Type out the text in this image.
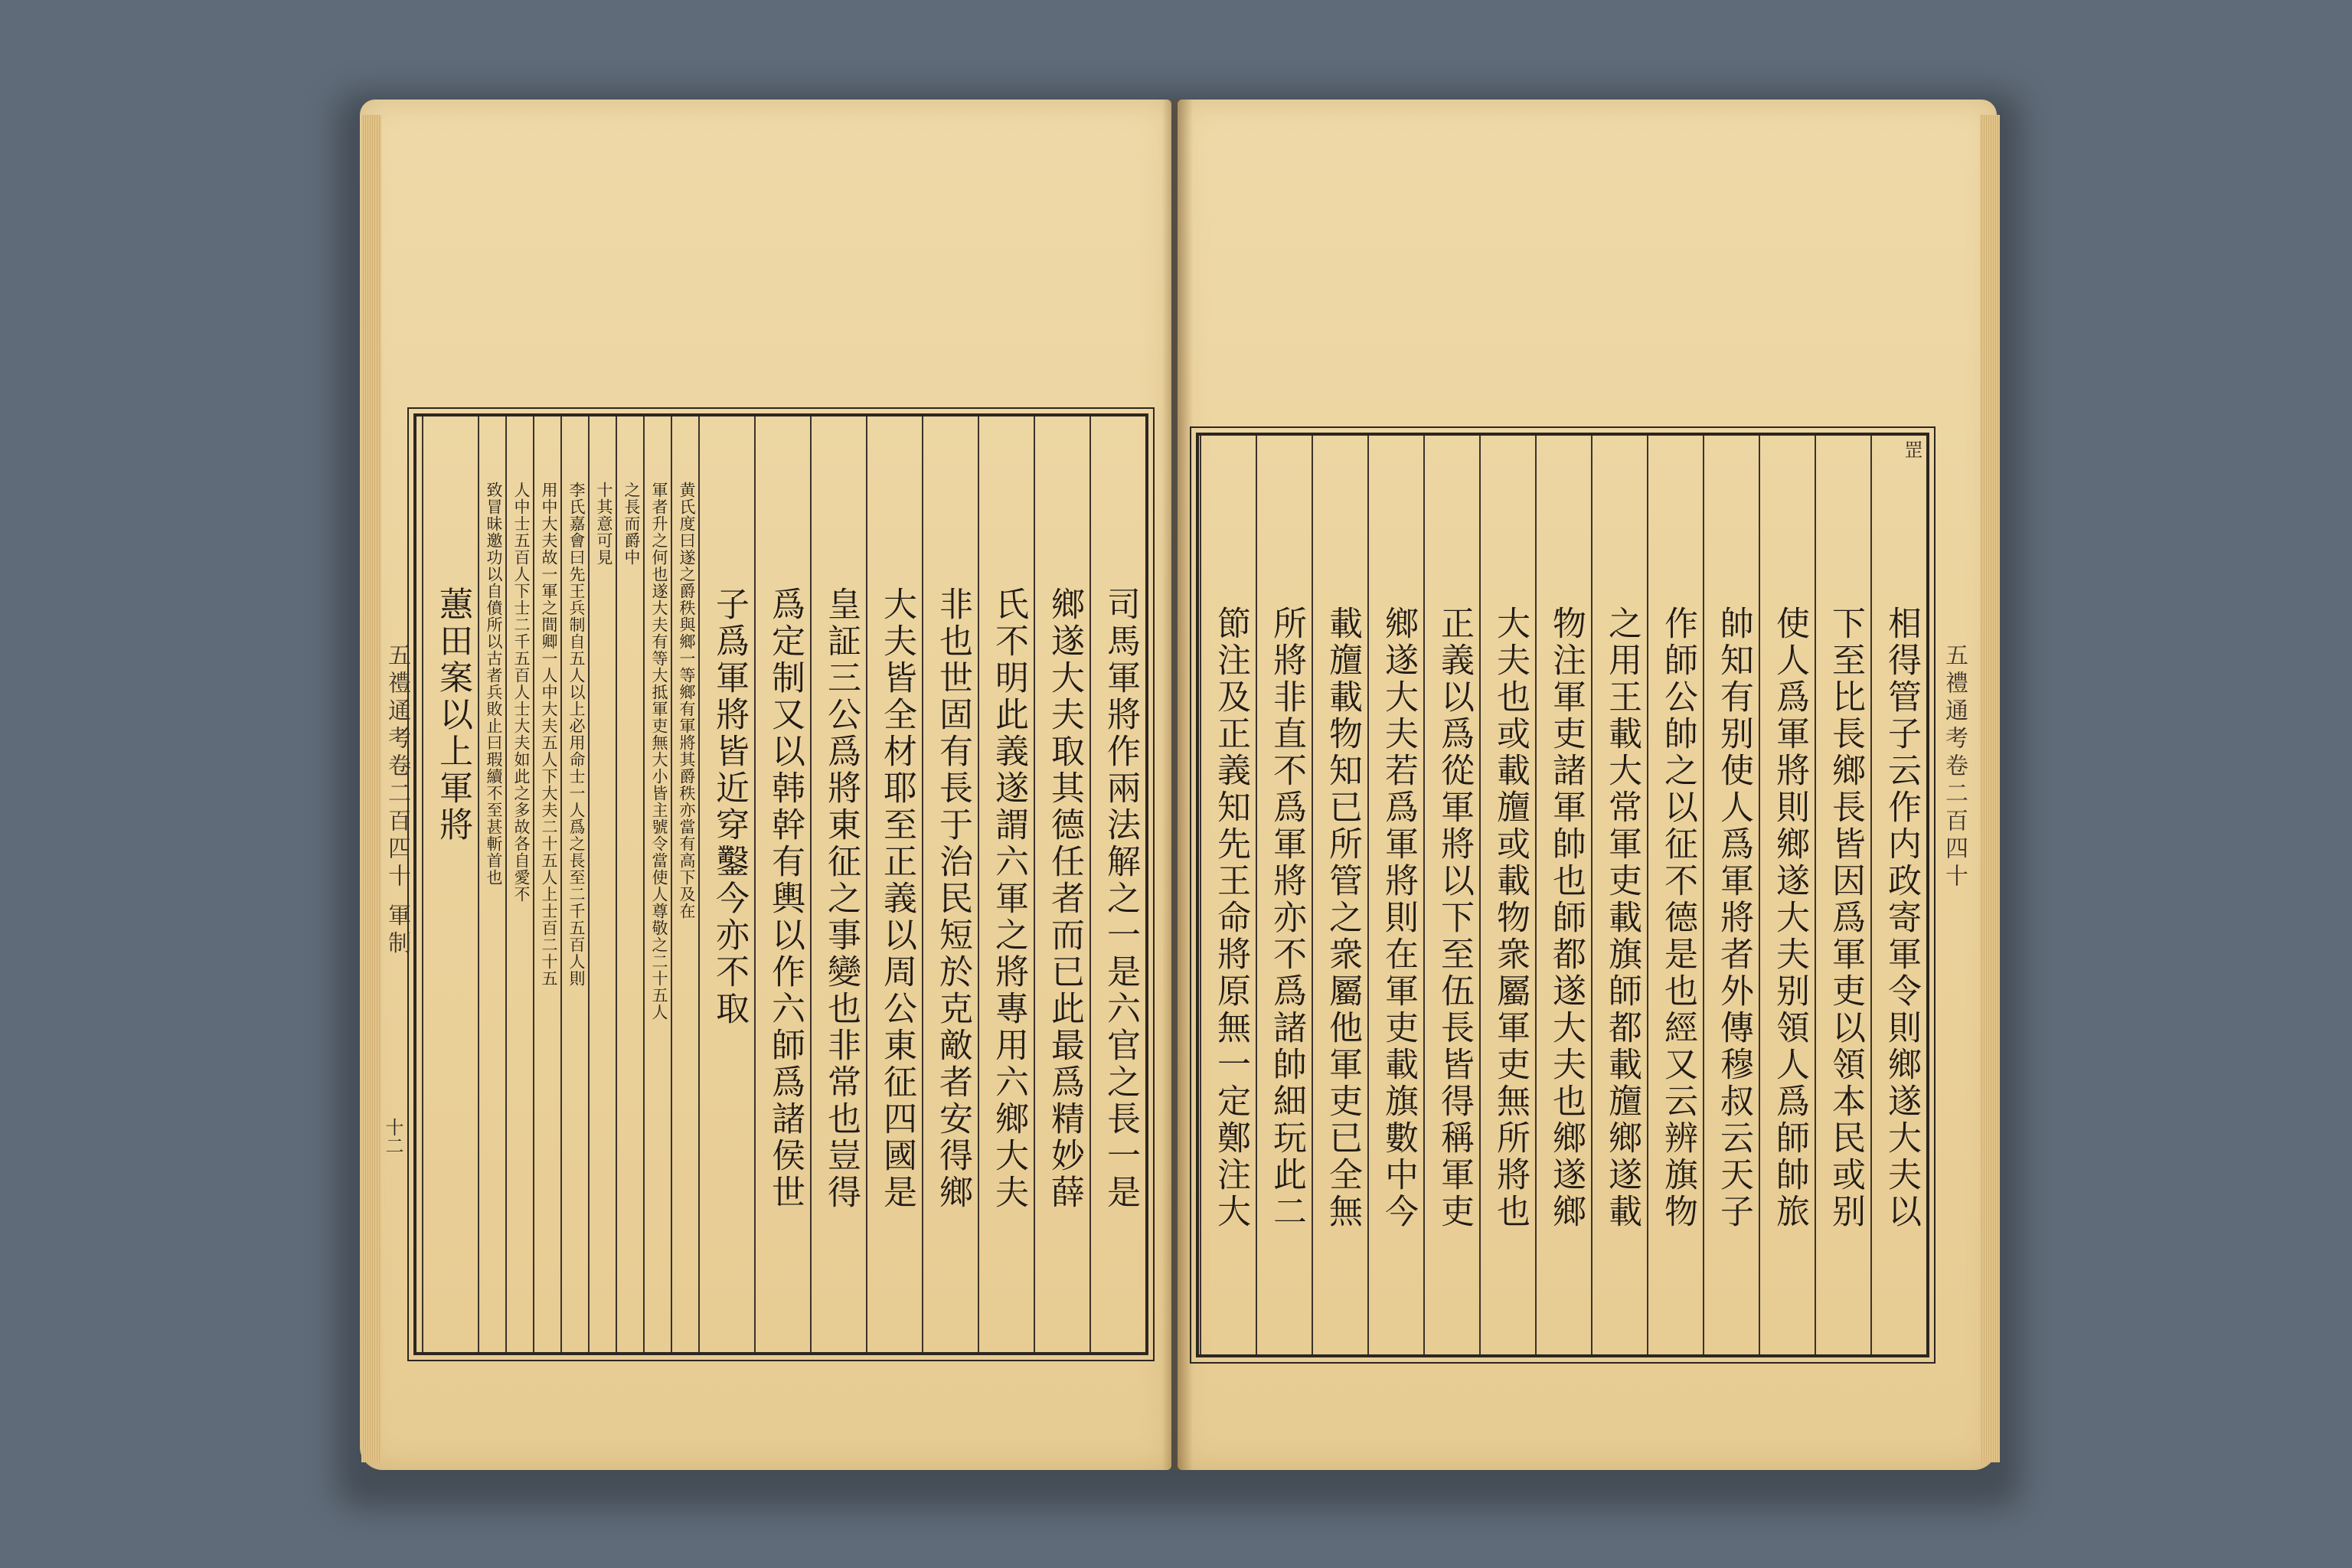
司馬軍將作兩法解之一是六官之長一是
鄉遂大夫取其德任者而已此最爲精妙薛
氏不明此義遂謂六軍之將專用六鄉大夫
非也世固有長于治民短於克敵者安得鄉
大夫皆全材耶至正義以周公東征四國是
皇証三公爲將東征之事變也非常也豈得
爲定制又以韩幹有輿以作六師爲諸侯世
子爲軍將皆近穿鑿今亦不取
黄氏度曰遂之爵秩與鄉一等鄉有軍將其爵秩亦當有高下及在
軍者升之何也遂大夫有等大抵軍吏無大小皆主號令當使人尊敬之二十五人
之長而爵中
十其意可見
李氏嘉會曰先王兵制自五人以上必用命士一人爲之長至二千五百人則
用中大夫故一軍之間卿一人中大夫五人下大夫二十五人上士百二十五
人中士五百人下士二千五百人士大夫如此之多故各自愛不
致冒昧邀功以自僨所以古者兵敗止曰瑕續不至甚斬首也
蕙田案以上軍將	相得管子云作内政寄軍令則鄉遂大夫以
下至比長鄉長皆因爲軍吏以領本民或别
使人爲軍將則鄉遂大夫别領人爲師帥旅
帥知有别使人爲軍將者外傳穆叔云天子
作師公帥之以征不德是也經又云辨旗物
之用王載大常軍吏載旗師都載旜鄉遂載
物注軍吏諸軍帥也師都遂大夫也鄉遂鄉
大夫也或載旜或載物衆屬軍吏無所將也
正義以爲從軍將以下至伍長皆得稱軍吏
鄉遂大夫若爲軍將則在軍吏載旗數中今
載旜載物知已所管之衆屬他軍吏已全無
所將非直不爲軍將亦不爲諸帥細玩此二
節注及正義知先王命將原無一定鄭注大
五禮通考卷二百四十 軍制
十二
五禮通考卷二百四十
罡
